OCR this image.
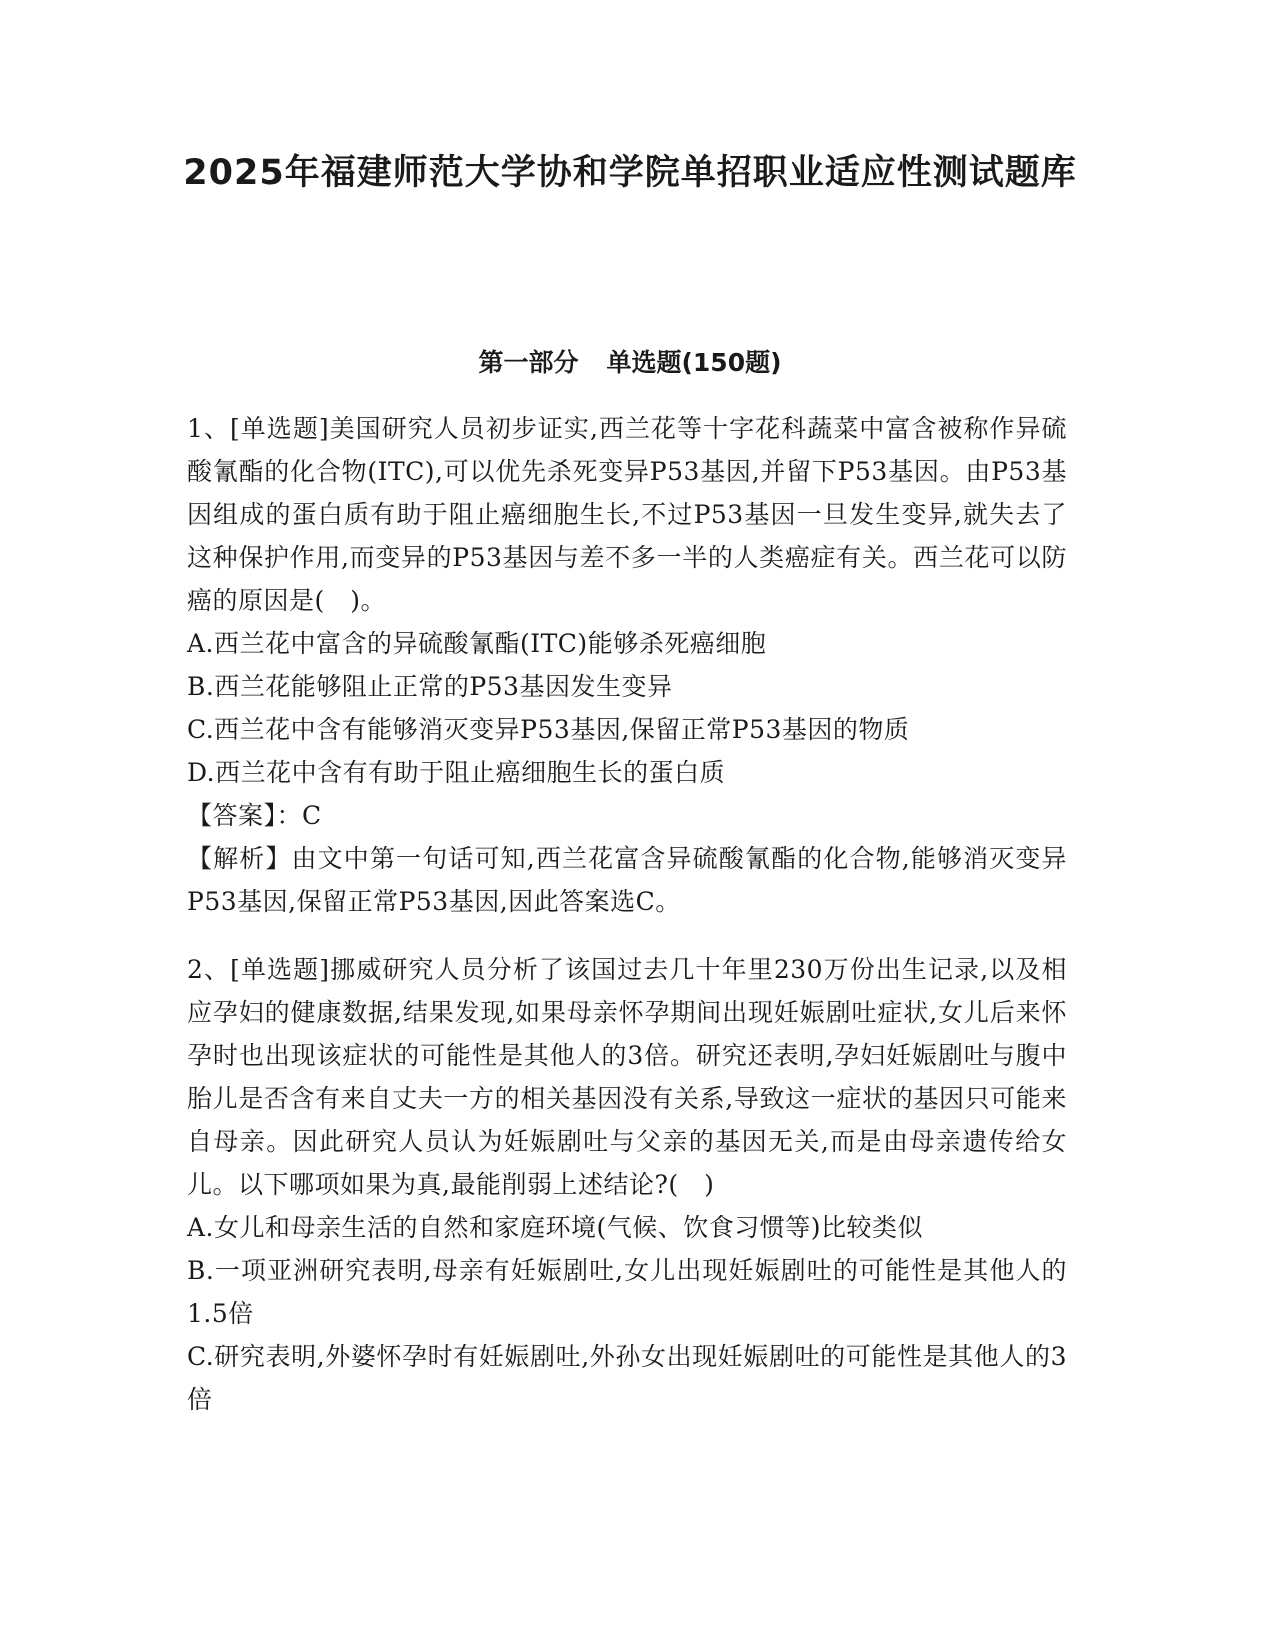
2025年福建师范大学协和学院单招职业适应性测试题库
第一部分 单选题(150题)

1、[单选题]美国研究人员初步证实,西兰花等十字花科蔬菜中富含被称作异硫酸氰酯的化合物(ITC),可以优先杀死变异P53基因,并留下P53基因。由P53基因组成的蛋白质有助于阻止癌细胞生长,不过P53基因一旦发生变异,就失去了这种保护作用,而变异的P53基因与差不多一半的人类癌症有关。西兰花可以防癌的原因是(　)。

A.西兰花中富含的异硫酸氰酯(ITC)能够杀死癌细胞

B.西兰花能够阻止正常的P53基因发生变异

C.西兰花中含有能够消灭变异P53基因,保留正常P53基因的物质

D.西兰花中含有有助于阻止癌细胞生长的蛋白质

【答案】：C

【解析】由文中第一句话可知,西兰花富含异硫酸氰酯的化合物,能够消灭变异P53基因,保留正常P53基因,因此答案选C。

2、[单选题]挪威研究人员分析了该国过去几十年里230万份出生记录,以及相应孕妇的健康数据,结果发现,如果母亲怀孕期间出现妊娠剧吐症状,女儿后来怀孕时也出现该症状的可能性是其他人的3倍。研究还表明,孕妇妊娠剧吐与腹中胎儿是否含有来自丈夫一方的相关基因没有关系,导致这一症状的基因只可能来自母亲。因此研究人员认为妊娠剧吐与父亲的基因无关,而是由母亲遗传给女儿。以下哪项如果为真,最能削弱上述结论?(　)

A.女儿和母亲生活的自然和家庭环境(气候、饮食习惯等)比较类似

B.一项亚洲研究表明,母亲有妊娠剧吐,女儿出现妊娠剧吐的可能性是其他人的1.5倍

C.研究表明,外婆怀孕时有妊娠剧吐,外孙女出现妊娠剧吐的可能性是其他人的3倍
